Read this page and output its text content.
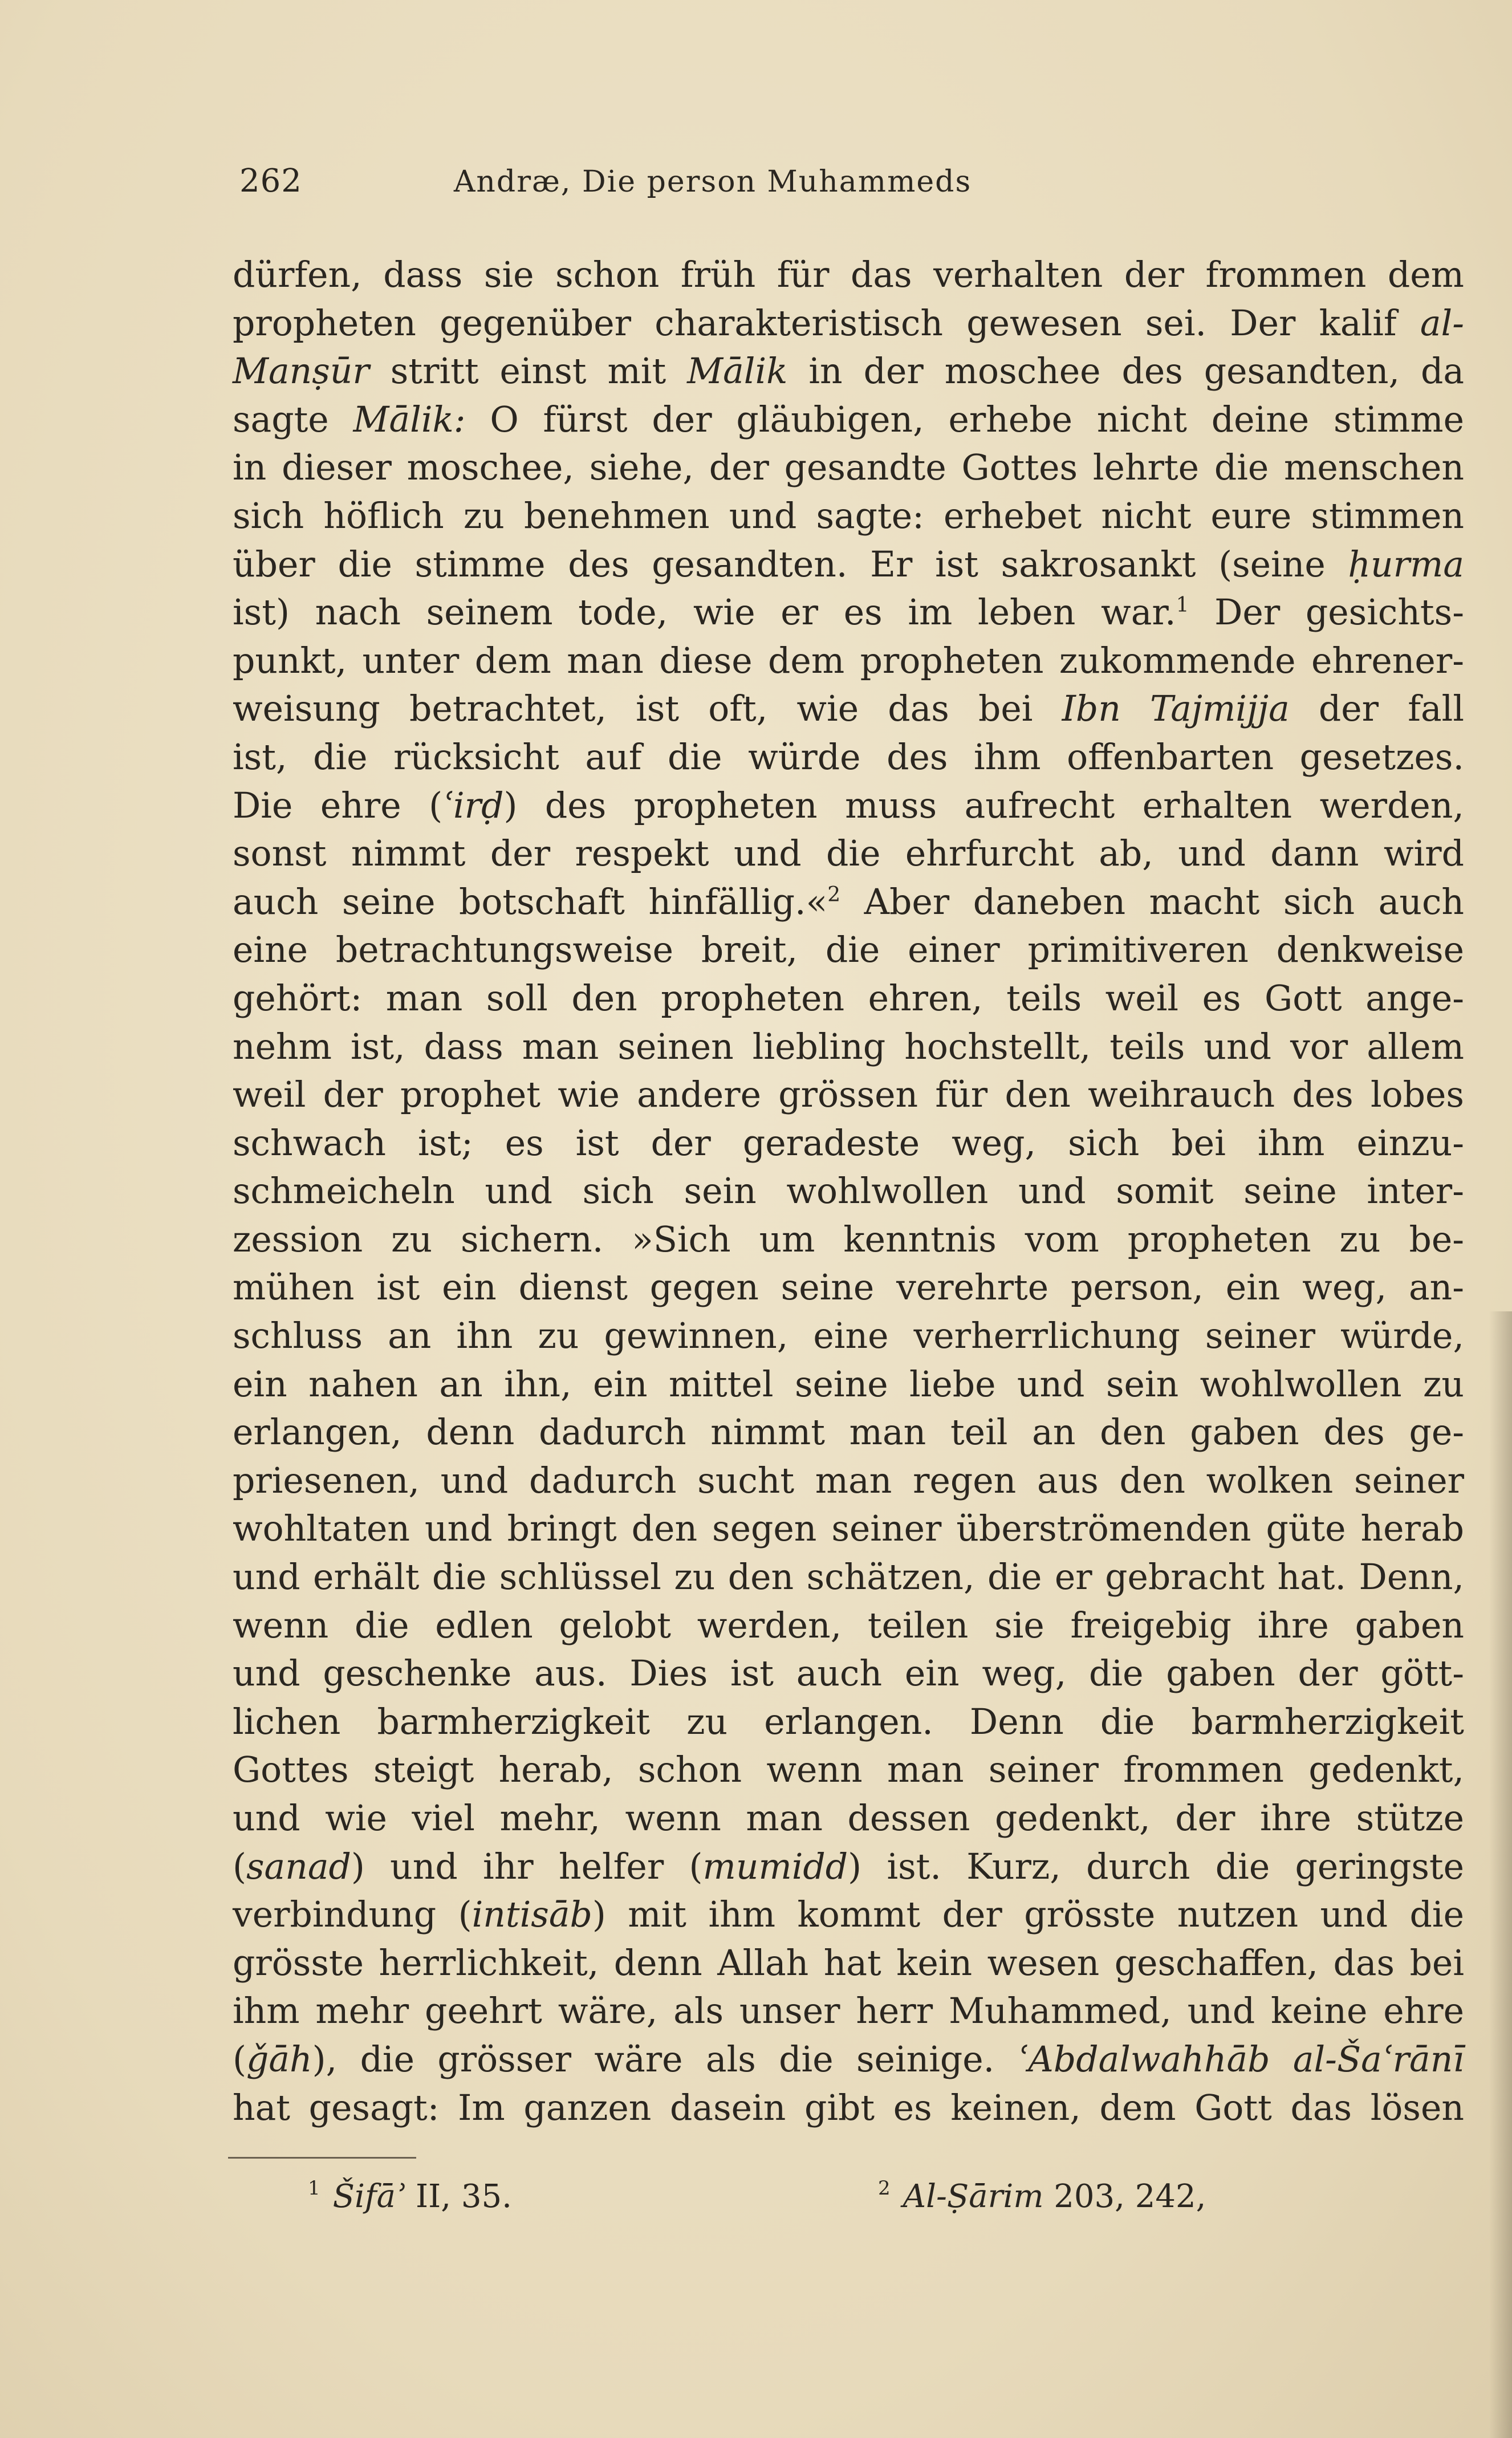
262	Andræ, Die person Muhammeds
dürfen, dass sie schon früh für das verhalten der frommen dem
propheten gegenüber charakteristisch gewesen sei. Der kalif al-
Manṣūr stritt einst mit Mālik in der moschee des gesandten, da
sagte Mālik: O fürst der gläubigen, erhebe nicht deine stimme
in dieser moschee, siehe, der gesandte Gottes lehrte die menschen
sich höflich zu benehmen und sagte: erhebet nicht eure stimmen
über die stimme des gesandten. Er ist sakrosankt (seine ḥurma
ist) nach seinem tode, wie er es im leben war.$^1$ Der gesichts-
punkt, unter dem man diese dem propheten zukommende ehrener-
weisung betrachtet, ist oft, wie das bei Ibn Tajmijja der fall
ist, die rücksicht auf die würde des ihm offenbarten gesetzes.
Die ehre (ʿirḍ) des propheten muss aufrecht erhalten werden,
sonst nimmt der respekt und die ehrfurcht ab, und dann wird
auch seine botschaft hinfällig.«$^2$ Aber daneben macht sich auch
eine betrachtungsweise breit, die einer primitiveren denkweise
gehört: man soll den propheten ehren, teils weil es Gott ange-
nehm ist, dass man seinen liebling hochstellt, teils und vor allem
weil der prophet wie andere grössen für den weihrauch des lobes
schwach ist; es ist der geradeste weg, sich bei ihm einzu-
schmeicheln und sich sein wohlwollen und somit seine inter-
zession zu sichern. »Sich um kenntnis vom propheten zu be-
mühen ist ein dienst gegen seine verehrte person, ein weg, an-
schluss an ihn zu gewinnen, eine verherrlichung seiner würde,
ein nahen an ihn, ein mittel seine liebe und sein wohlwollen zu
erlangen, denn dadurch nimmt man teil an den gaben des ge-
priesenen, und dadurch sucht man regen aus den wolken seiner
wohltaten und bringt den segen seiner überströmenden güte herab
und erhält die schlüssel zu den schätzen, die er gebracht hat. Denn,
wenn die edlen gelobt werden, teilen sie freigebig ihre gaben
und geschenke aus. Dies ist auch ein weg, die gaben der gött-
lichen barmherzigkeit zu erlangen. Denn die barmherzigkeit
Gottes steigt herab, schon wenn man seiner frommen gedenkt,
und wie viel mehr, wenn man dessen gedenkt, der ihre stütze
(sanad) und ihr helfer (mumidd) ist. Kurz, durch die geringste
verbindung (intisāb) mit ihm kommt der grösste nutzen und die
grösste herrlichkeit, denn Allah hat kein wesen geschaffen, das bei
ihm mehr geehrt wäre, als unser herr Muhammed, und keine ehre
(ǧāh), die grösser wäre als die seinige. ʿAbdalwahhāb al-Šaʿrānī
hat gesagt: Im ganzen dasein gibt es keinen, dem Gott das lösen
$^1$ Šifāʾ II, 35.	$^2$ Al-Ṣārim 203, 242,
